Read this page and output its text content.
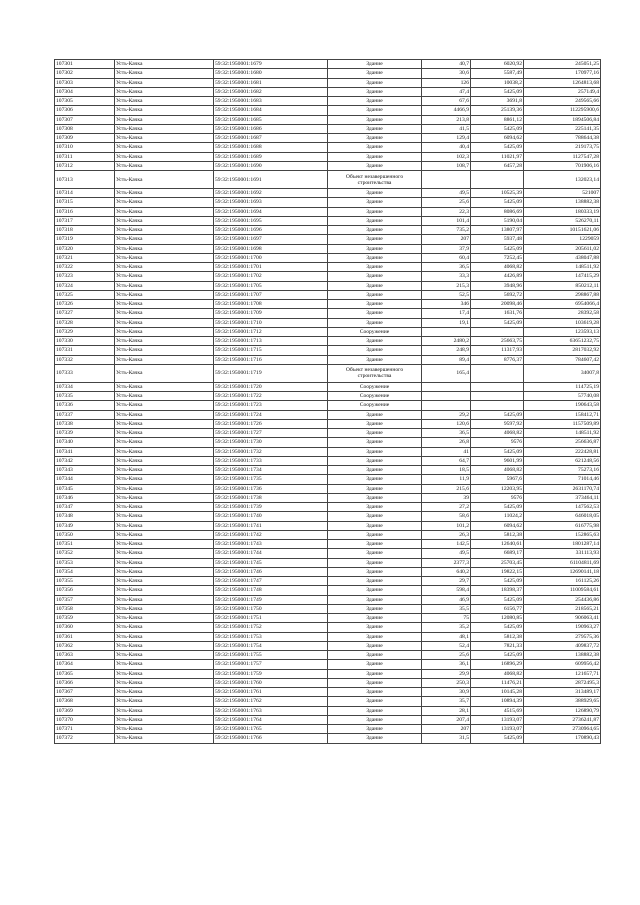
107301	Усть-Качка	59:32:1950001:1679	Здание	40,7	6020,92	245051,25
107302	Усть-Качка	59:32:1950001:1680	Здание	30,6	5587,49	170977,16
107303	Усть-Качка	59:32:1950001:1681	Здание	126	10038,2	1264813,68
107304	Усть-Качка	59:32:1950001:1682	Здание	47,4	5425,09	257149,4
107305	Усть-Качка	59:32:1950001:1683	Здание	67,6	3691,8	249565,66
107306	Усть-Качка	59:32:1950001:1684	Здание	4466,9	25139,36	112295900,6
107307	Усть-Качка	59:32:1950001:1685	Здание	213,8	8861,12	1894506,84
107308	Усть-Качка	59:32:1950001:1686	Здание	41,5	5425,09	225141,35
107309	Усть-Качка	59:32:1950001:1687	Здание	129,4	6094,62	788644,38
107310	Усть-Качка	59:32:1950001:1688	Здание	40,4	5425,09	219173,75
107311	Усть-Качка	59:32:1950001:1689	Здание	102,3	11021,97	1127547,28
107312	Усть-Качка	59:32:1950001:1690	Здание	108,7	6457,28	701906,16
107313	Усть-Качка	59:32:1950001:1691	Объект незавершенного строительства			132023,14
107314	Усть-Качка	59:32:1950001:1692	Здание	49,5	10525,39	521007
107315	Усть-Качка	59:32:1950001:1693	Здание	25,6	5425,09	138882,38
107316	Усть-Качка	59:32:1950001:1694	Здание	22,3	8086,69	180333,19
107317	Усть-Качка	59:32:1950001:1695	Здание	101,4	5190,04	526270,11
107318	Усть-Качка	59:32:1950001:1696	Здание	735,2	13807,97	10151621,06
107319	Усть-Качка	59:32:1950001:1697	Здание	207	5937,48	1229059
107320	Усть-Качка	59:32:1950001:1698	Здание	37,9	5425,09	205611,02
107321	Усть-Качка	59:32:1950001:1700	Здание	60,4	7252,45	438047,88
107322	Усть-Качка	59:32:1950001:1701	Здание	36,5	4068,82	148511,92
107323	Усть-Качка	59:32:1950001:1702	Здание	33,3	4426,89	147415,29
107324	Усть-Качка	59:32:1950001:1705	Здание	215,3	3948,96	850212,11
107325	Усть-Качка	59:32:1950001:1707	Здание	52,5	5692,72	298867,88
107326	Усть-Качка	59:32:1950001:1708	Здание	346	20098,46	6954066,4
107327	Усть-Качка	59:32:1950001:1709	Здание	17,4	1631,76	28392,58
107328	Усть-Качка	59:32:1950001:1710	Здание	19,1	5425,09	103619,28
107329	Усть-Качка	59:32:1950001:1712	Сооружение			123593,13
107330	Усть-Качка	59:32:1950001:1713	Здание	2480,2	25663,75	63651232,75
107331	Усть-Качка	59:32:1950001:1715	Здание	248,9	11317,93	2817032,92
107332	Усть-Качка	59:32:1950001:1716	Здание	89,4	8776,37	784607,42
107333	Усть-Качка	59:32:1950001:1719	Объект незавершенного строительства	165,4		34007,8
107334	Усть-Качка	59:32:1950001:1720	Сооружение			114725,19
107335	Усть-Качка	59:32:1950001:1722	Сооружение			57740,08
107336	Усть-Качка	59:32:1950001:1723	Сооружение			190643,58
107337	Усть-Качка	59:32:1950001:1724	Здание	29,2	5425,09	158412,71
107338	Усть-Качка	59:32:1950001:1726	Здание	120,6	9597,92	1157509,89
107339	Усть-Качка	59:32:1950001:1727	Здание	36,5	4068,82	148511,92
107340	Усть-Качка	59:32:1950001:1730	Здание	26,8	9576	256636,87
107341	Усть-Качка	59:32:1950001:1732	Здание	41	5425,09	222428,81
107342	Усть-Качка	59:32:1950001:1733	Здание	64,7	9601,99	621248,56
107343	Усть-Качка	59:32:1950001:1734	Здание	18,5	4068,82	75273,16
107344	Усть-Качка	59:32:1950001:1735	Здание	11,9	5967,6	71014,46
107345	Усть-Качка	59:32:1950001:1736	Здание	215,6	12203,95	2631170,74
107346	Усть-Качка	59:32:1950001:1738	Здание	39	9576	373464,11
107347	Усть-Качка	59:32:1950001:1739	Здание	27,2	5425,09	147562,53
107348	Усть-Качка	59:32:1950001:1740	Здание	58,6	11024,2	646018,05
107349	Усть-Качка	59:32:1950001:1741	Здание	101,2	6094,62	616775,98
107350	Усть-Качка	59:32:1950001:1742	Здание	26,3	5812,38	152865,63
107351	Усть-Качка	59:32:1950001:1743	Здание	142,5	12640,61	1801287,14
107352	Усть-Качка	59:32:1950001:1744	Здание	49,5	6689,17	331113,93
107353	Усть-Качка	59:32:1950001:1745	Здание	2377,3	25703,45	61104811,69
107354	Усть-Качка	59:32:1950001:1746	Здание	640,2	19822,15	12690141,18
107355	Усть-Качка	59:32:1950001:1747	Здание	29,7	5425,09	161125,26
107356	Усть-Качка	59:32:1950001:1748	Здание	598,4	18398,37	11009584,61
107357	Усть-Качка	59:32:1950001:1749	Здание	46,9	5425,09	254436,86
107358	Усть-Качка	59:32:1950001:1750	Здание	35,5	6156,77	218565,21
107359	Усть-Качка	59:32:1950001:1751	Здание	75	12080,85	906063,41
107360	Усть-Качка	59:32:1950001:1752	Здание	35,2	5425,09	190963,27
107361	Усть-Качка	59:32:1950001:1753	Здание	48,1	5812,38	279575,36
107362	Усть-Качка	59:32:1950001:1754	Здание	52,4	7821,33	409837,72
107363	Усть-Качка	59:32:1950001:1755	Здание	25,6	5425,09	138882,38
107364	Усть-Качка	59:32:1950001:1757	Здание	36,1	16896,29	609956,42
107365	Усть-Качка	59:32:1950001:1759	Здание	29,9	4068,82	121657,71
107366	Усть-Качка	59:32:1950001:1760	Здание	250,3	11476,21	2872495,3
107367	Усть-Качка	59:32:1950001:1761	Здание	30,9	10145,28	313489,17
107368	Усть-Качка	59:32:1950001:1762	Здание	35,7	10894,39	388929,65
107369	Усть-Качка	59:32:1950001:1763	Здание	28,1	4515,69	126890,79
107370	Усть-Качка	59:32:1950001:1764	Здание	207,4	13193,07	2736241,87
107371	Усть-Качка	59:32:1950001:1765	Здание	207	13193,07	2730964,65
107372	Усть-Качка	59:32:1950001:1766	Здание	31,5	5425,09	170890,43
